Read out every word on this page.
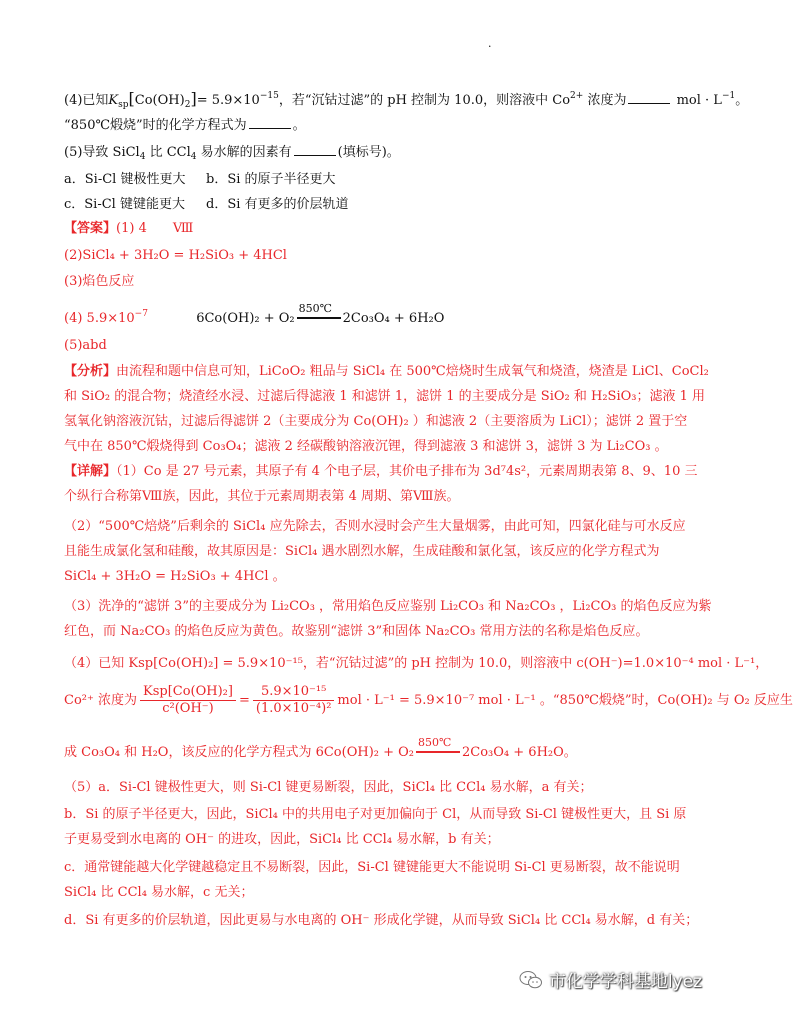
·
(4)已知$K_{sp}[Co(OH)_2]= 5.9\times 10^{-15}$，若“沉钴过滤”的 pH 控制为 10.0，则溶液中 $Co^{2+}$ 浓度为	mol · $L^{-1}$。
“850℃煅烧”时的化学方程式为	。
(5)导致 SiCl$_4$ 比 CCl$_4$ 易水解的因素有	(填标号)。
a．Si-Cl 键极性更大 b．Si 的原子半径更大
c．Si-Cl 键键能更大 d．Si 有更多的价层轨道
【答案】(1) 4　　Ⅷ
(2)SiCl₄ + 3H₂O = H₂SiO₃ + 4HCl
(3)焰色反应
(4) $5.9\times 10^{-7}$	6Co(OH)₂ + O₂
850℃
2Co₃O₄ + 6H₂O
(5)abd
【分析】由流程和题中信息可知，LiCoO₂ 粗品与 SiCl₄ 在 500℃焙烧时生成氧气和烧渣，烧渣是 LiCl、CoCl₂
和 SiO₂ 的混合物；烧渣经水浸、过滤后得滤液 1 和滤饼 1，滤饼 1 的主要成分是 SiO₂ 和 H₂SiO₃；滤液 1 用
氢氧化钠溶液沉钴，过滤后得滤饼 2（主要成分为 Co(OH)₂ ）和滤液 2（主要溶质为 LiCl）；滤饼 2 置于空
气中在 850℃煅烧得到 Co₃O₄；滤液 2 经碳酸钠溶液沉锂，得到滤液 3 和滤饼 3，滤饼 3 为 Li₂CO₃ 。
【详解】（1）Co 是 27 号元素，其原子有 4 个电子层，其价电子排布为 3d⁷4s²，元素周期表第 8、9、10 三
个纵行合称第Ⅷ族，因此，其位于元素周期表第 4 周期、第Ⅷ族。
（2）“500℃焙烧”后剩余的 SiCl₄ 应先除去，否则水浸时会产生大量烟雾，由此可知，四氯化硅与可水反应
且能生成氯化氢和硅酸，故其原因是：SiCl₄ 遇水剧烈水解，生成硅酸和氯化氢，该反应的化学方程式为
SiCl₄ + 3H₂O = H₂SiO₃ + 4HCl 。
（3）洗净的“滤饼 3”的主要成分为 Li₂CO₃ ，常用焰色反应鉴别 Li₂CO₃ 和 Na₂CO₃ ，Li₂CO₃ 的焰色反应为紫
红色，而 Na₂CO₃ 的焰色反应为黄色。故鉴别“滤饼 3”和固体 Na₂CO₃ 常用方法的名称是焰色反应。
（4）已知 Ksp[Co(OH)₂] = 5.9×10⁻¹⁵，若“沉钴过滤”的 pH 控制为 10.0，则溶液中 c(OH⁻)=1.0×10⁻⁴ mol · L⁻¹，
Co²⁺ 浓度为 $\frac{\text{Ksp[Co(OH)₂]}}{\text{c²(OH⁻)}} = \frac{\text{5.9×10⁻¹⁵}}{\text{(1.0×10⁻⁴)²}}$ mol · L⁻¹ = 5.9×10⁻⁷ mol · L⁻¹ 。“850℃煅烧”时，Co(OH)₂ 与 O₂ 反应生
成 Co₃O₄ 和 H₂O，该反应的化学方程式为 6Co(OH)₂ + O₂
850℃
2Co₃O₄ + 6H₂O。
（5）a．Si-Cl 键极性更大，则 Si-Cl 键更易断裂，因此，SiCl₄ 比 CCl₄ 易水解，a 有关；
b．Si 的原子半径更大，因此，SiCl₄ 中的共用电子对更加偏向于 Cl，从而导致 Si-Cl 键极性更大，且 Si 原
子更易受到水电离的 OH⁻ 的进攻，因此，SiCl₄ 比 CCl₄ 易水解，b 有关；
c．通常键能越大化学键越稳定且不易断裂，因此，Si-Cl 键键能更大不能说明 Si-Cl 更易断裂，故不能说明
SiCl₄ 比 CCl₄ 易水解，c 无关；
d．Si 有更多的价层轨道，因此更易与水电离的 OH⁻ 形成化学键，从而导致 SiCl₄ 比 CCl₄ 易水解，d 有关；
市化学学科基地lyez
